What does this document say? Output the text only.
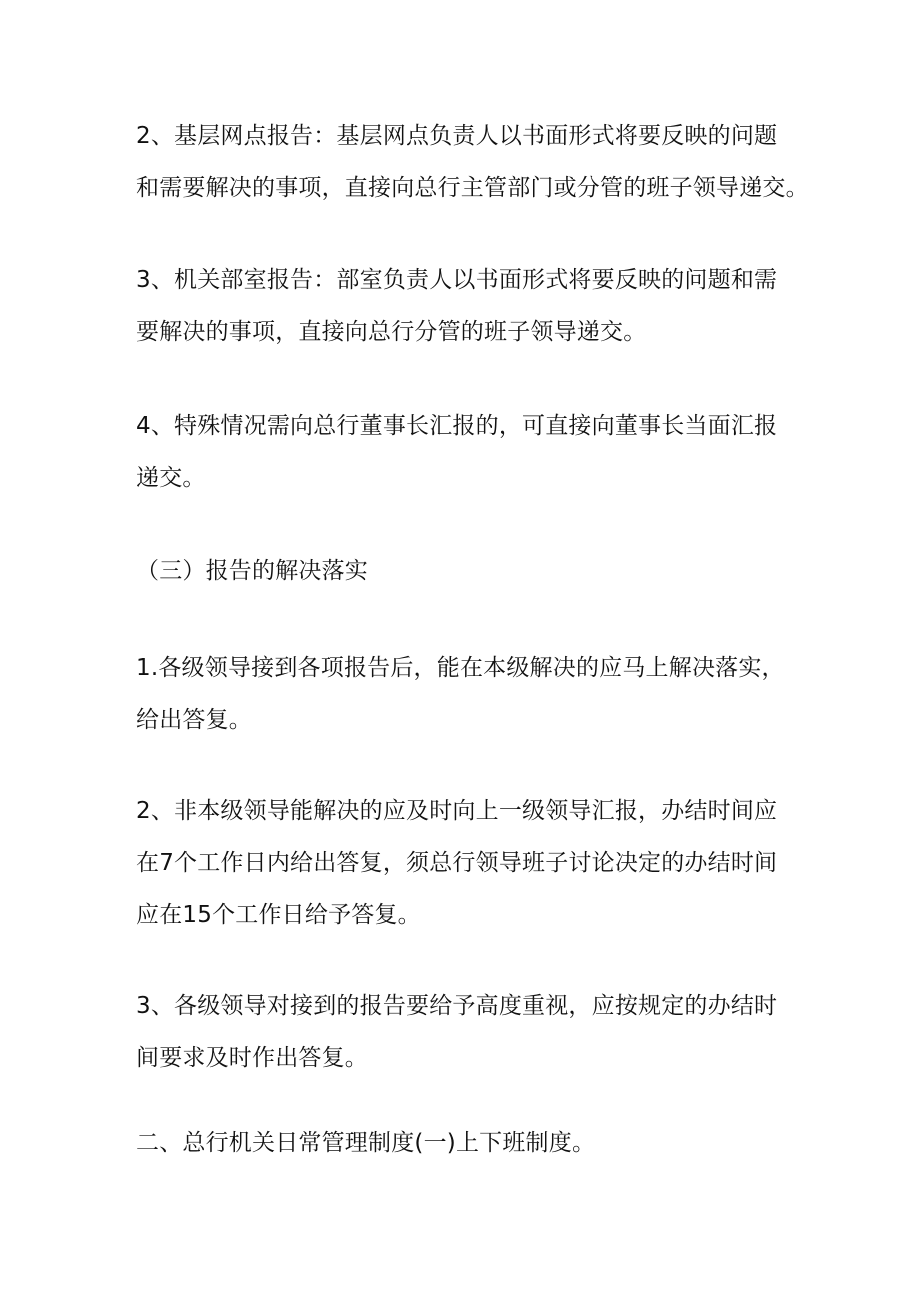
2、基层网点报告：基层网点负责人以书面形式将要反映的问题
和需要解决的事项，直接向总行主管部门或分管的班子领导递交。

3、机关部室报告：部室负责人以书面形式将要反映的问题和需
要解决的事项，直接向总行分管的班子领导递交。

4、特殊情况需向总行董事长汇报的，可直接向董事长当面汇报
递交。

（三）报告的解决落实

1.各级领导接到各项报告后，能在本级解决的应马上解决落实，
给出答复。

2、非本级领导能解决的应及时向上一级领导汇报，办结时间应
在7个工作日内给出答复，须总行领导班子讨论决定的办结时间
应在15个工作日给予答复。

3、各级领导对接到的报告要给予高度重视，应按规定的办结时
间要求及时作出答复。

二、总行机关日常管理制度(一)上下班制度。
